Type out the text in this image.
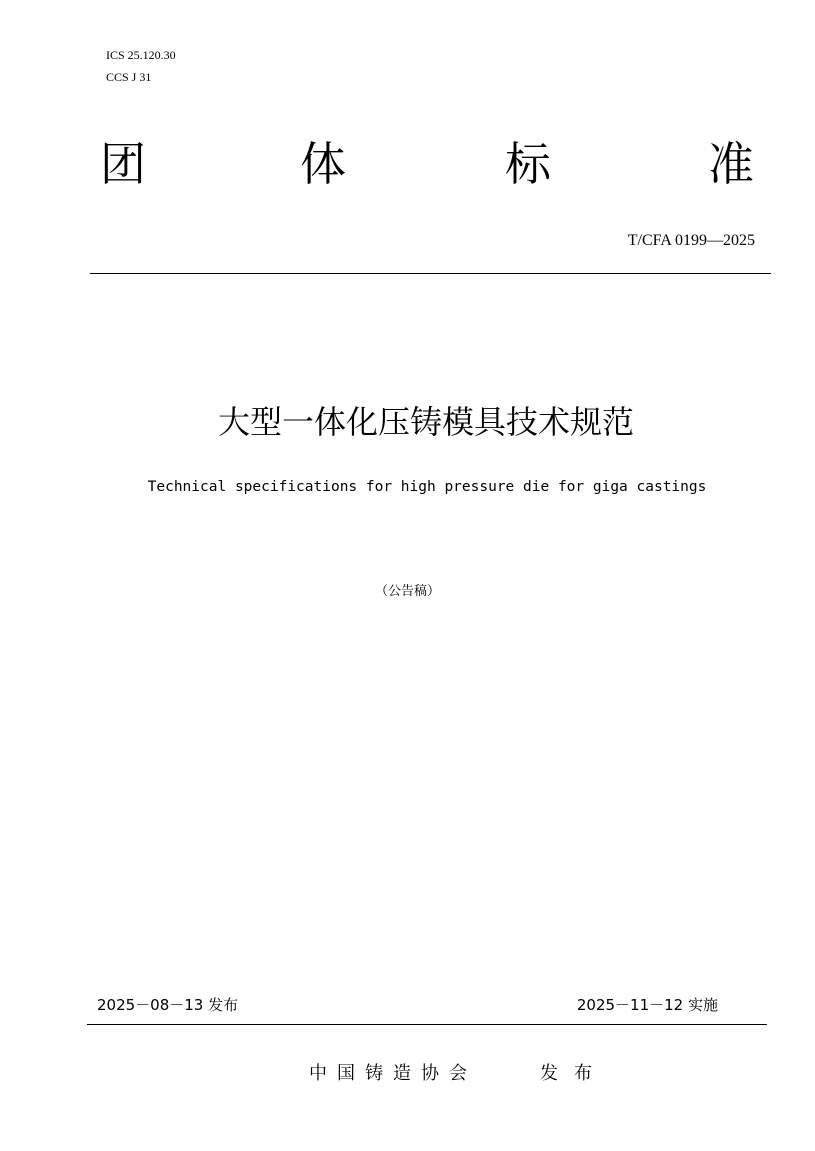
ICS 25.120.30
CCS J 31
团	体	标	准
T/CFA 0199—2025
大型一体化压铸模具技术规范
Technical specifications for high pressure die for giga castings
（公告稿）
2025－08－13 发布	2025－11－12 实施
中国铸造协会	发布
